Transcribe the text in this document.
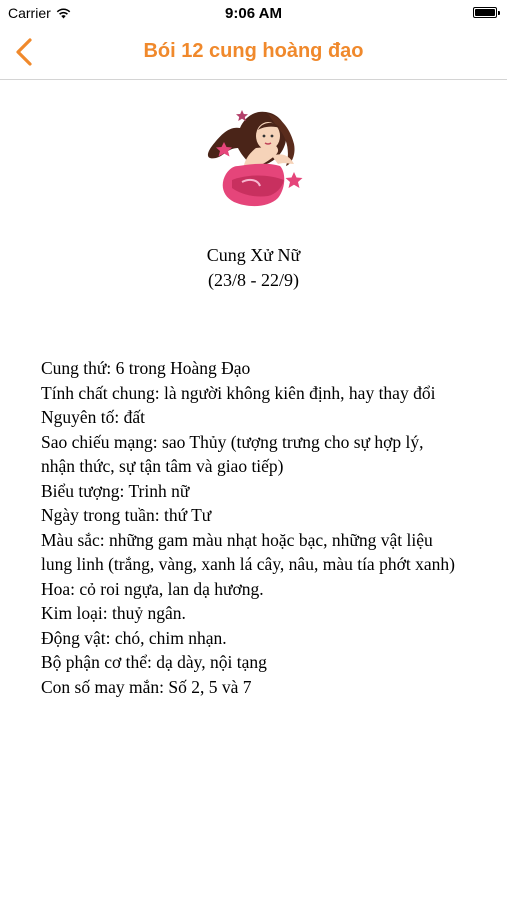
Carrier	9:06 AM
Bói 12 cung hoàng đạo
Cung Xử Nữ
(23/8 - 22/9)
Cung thứ: 6 trong Hoàng Đạo
Tính chất chung: là người không kiên định, hay thay đổi
Nguyên tố: đất
Sao chiếu mạng: sao Thủy (tượng trưng cho sự hợp lý, nhận thức, sự tận tâm và giao tiếp)
Biểu tượng: Trinh nữ
Ngày trong tuần: thứ Tư
Màu sắc: những gam màu nhạt hoặc bạc, những vật liệu lung linh (trắng, vàng, xanh lá cây, nâu, màu tía phớt xanh)
Hoa: cỏ roi ngựa, lan dạ hương.
Kim loại: thuỷ ngân.
Động vật: chó, chim nhạn.
Bộ phận cơ thể: dạ dày, nội tạng
Con số may mắn: Số 2, 5 và 7
